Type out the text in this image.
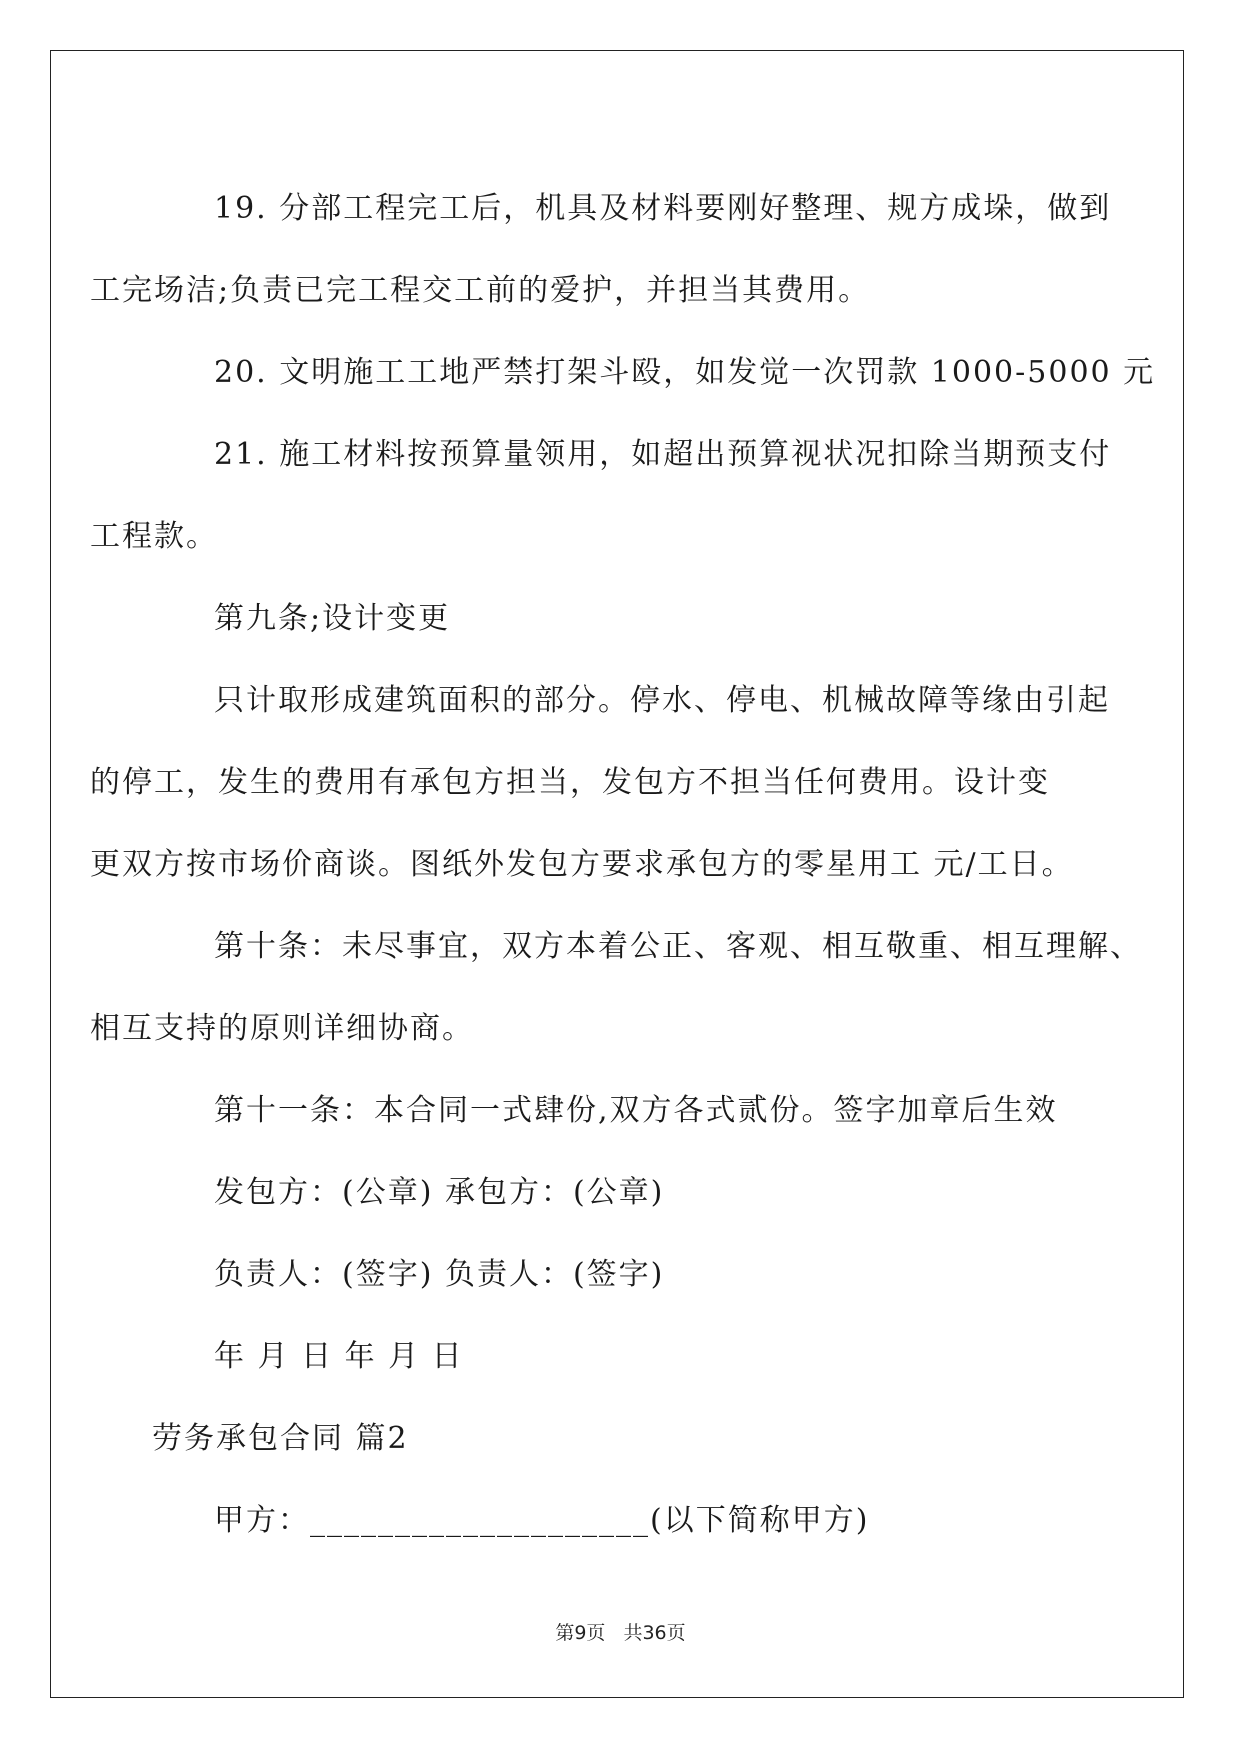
19. 分部工程完工后，机具及材料要刚好整理、规方成垛，做到
工完场洁;负责已完工程交工前的爱护，并担当其费用。

20. 文明施工工地严禁打架斗殴，如发觉一次罚款 1000-5000 元

21. 施工材料按预算量领用，如超出预算视状况扣除当期预支付
工程款。

第九条;设计变更

只计取形成建筑面积的部分。停水、停电、机械故障等缘由引起
的停工，发生的费用有承包方担当，发包方不担当任何费用。设计变
更双方按市场价商谈。图纸外发包方要求承包方的零星用工 元/工日。

第十条：未尽事宜，双方本着公正、客观、相互敬重、相互理解、
相互支持的原则详细协商。

第十一条：本合同一式肆份,双方各式贰份。签字加章后生效

发包方：(公章) 承包方：(公章)

负责人：(签字) 负责人：(签字)

年 月 日 年 月 日

劳务承包合同 篇2

甲方：____________________(以下简称甲方)

第9页 共36页
